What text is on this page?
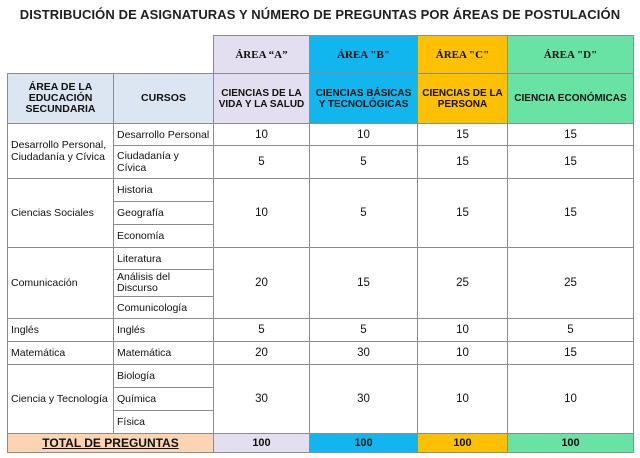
DISTRIBUCIÓN DE ASIGNATURAS Y NÚMERO DE PREGUNTAS POR ÁREAS DE POSTULACIÓN
		ÁREA “A”	ÁREA "B"	ÁREA "C"	ÁREA "D"
ÁREA DE LA EDUCACIÓN SECUNDARIA	CURSOS	CIENCIAS DE LA VIDA Y LA SALUD	CIENCIAS BÁSICAS Y TECNOLÓGICAS	CIENCIAS DE LA PERSONA	CIENCIA ECONÓMICAS
Desarrollo Personal, Ciudadanía y Cívica	Desarrollo Personal	10	10	15	15
	Ciudadanía y Cívica	5	5	15	15
Ciencias Sociales	Historia	10	5	15	15
	Geografía				
	Economía				
Comunicación	Literatura	20	15	25	25
	Análisis del Discurso				
	Comunicología				
Inglés	Inglés	5	5	10	5
Matemática	Matemática	20	30	10	15
Ciencia y Tecnología	Biología	30	30	10	10
	Química				
	Física				
TOTAL DE PREGUNTAS		100	100	100	100
